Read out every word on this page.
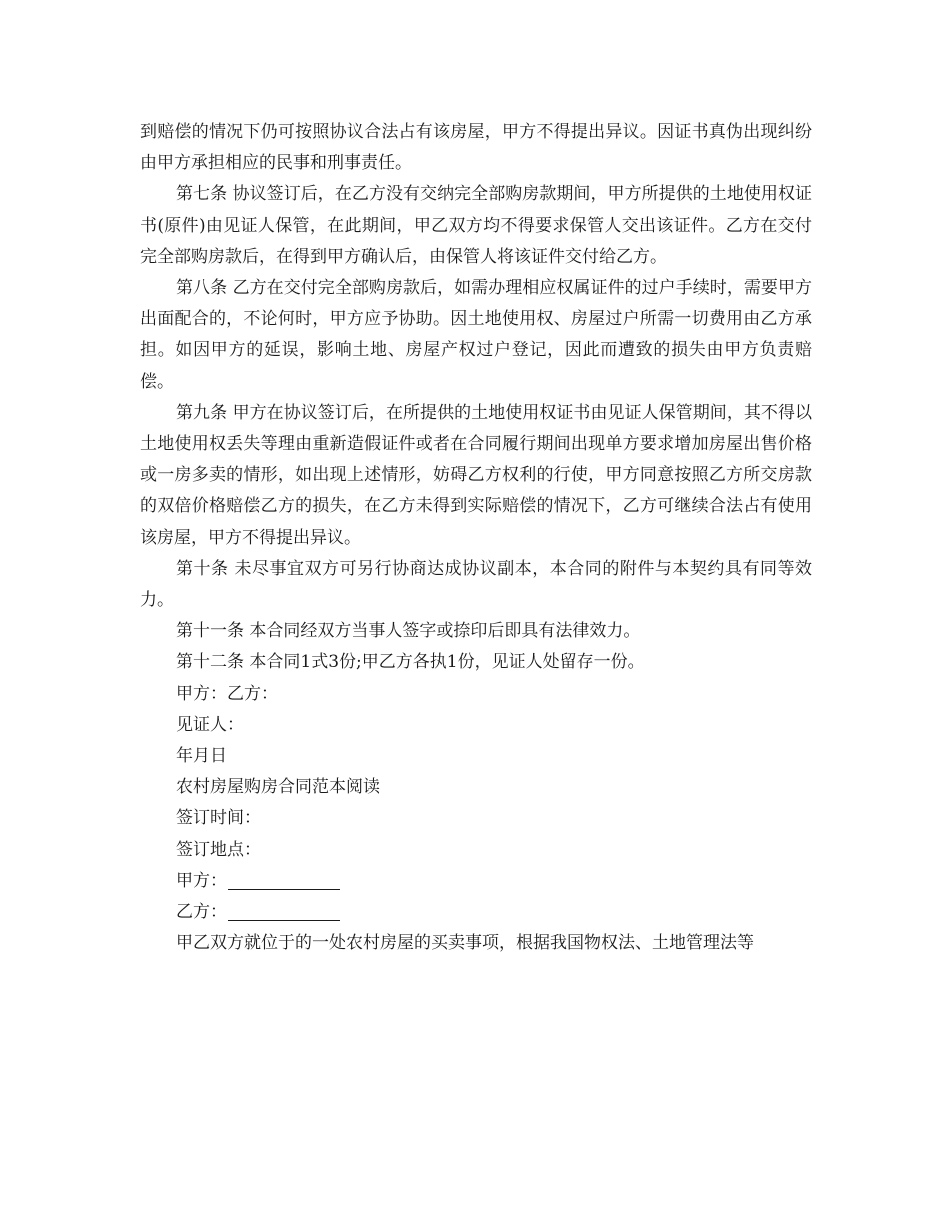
到赔偿的情况下仍可按照协议合法占有该房屋，甲方不得提出异议。因证书真伪出现纠纷由甲方承担相应的民事和刑事责任。

第七条 协议签订后，在乙方没有交纳完全部购房款期间，甲方所提供的土地使用权证书(原件)由见证人保管，在此期间，甲乙双方均不得要求保管人交出该证件。乙方在交付完全部购房款后，在得到甲方确认后，由保管人将该证件交付给乙方。

第八条 乙方在交付完全部购房款后，如需办理相应权属证件的过户手续时，需要甲方出面配合的，不论何时，甲方应予协助。因土地使用权、房屋过户所需一切费用由乙方承担。如因甲方的延误，影响土地、房屋产权过户登记，因此而遭致的损失由甲方负责赔偿。

第九条 甲方在协议签订后，在所提供的土地使用权证书由见证人保管期间，其不得以土地使用权丢失等理由重新造假证件或者在合同履行期间出现单方要求增加房屋出售价格或一房多卖的情形，如出现上述情形，妨碍乙方权利的行使，甲方同意按照乙方所交房款的双倍价格赔偿乙方的损失，在乙方未得到实际赔偿的情况下，乙方可继续合法占有使用该房屋，甲方不得提出异议。

第十条 未尽事宜双方可另行协商达成协议副本，本合同的附件与本契约具有同等效力。

第十一条 本合同经双方当事人签字或捺印后即具有法律效力。

第十二条 本合同1式3份;甲乙方各执1份，见证人处留存一份。

甲方：乙方：

见证人：

年月日

农村房屋购房合同范本阅读

签订时间：

签订地点：

甲方：

乙方：

甲乙双方就位于的一处农村房屋的买卖事项，根据我国物权法、土地管理法等
